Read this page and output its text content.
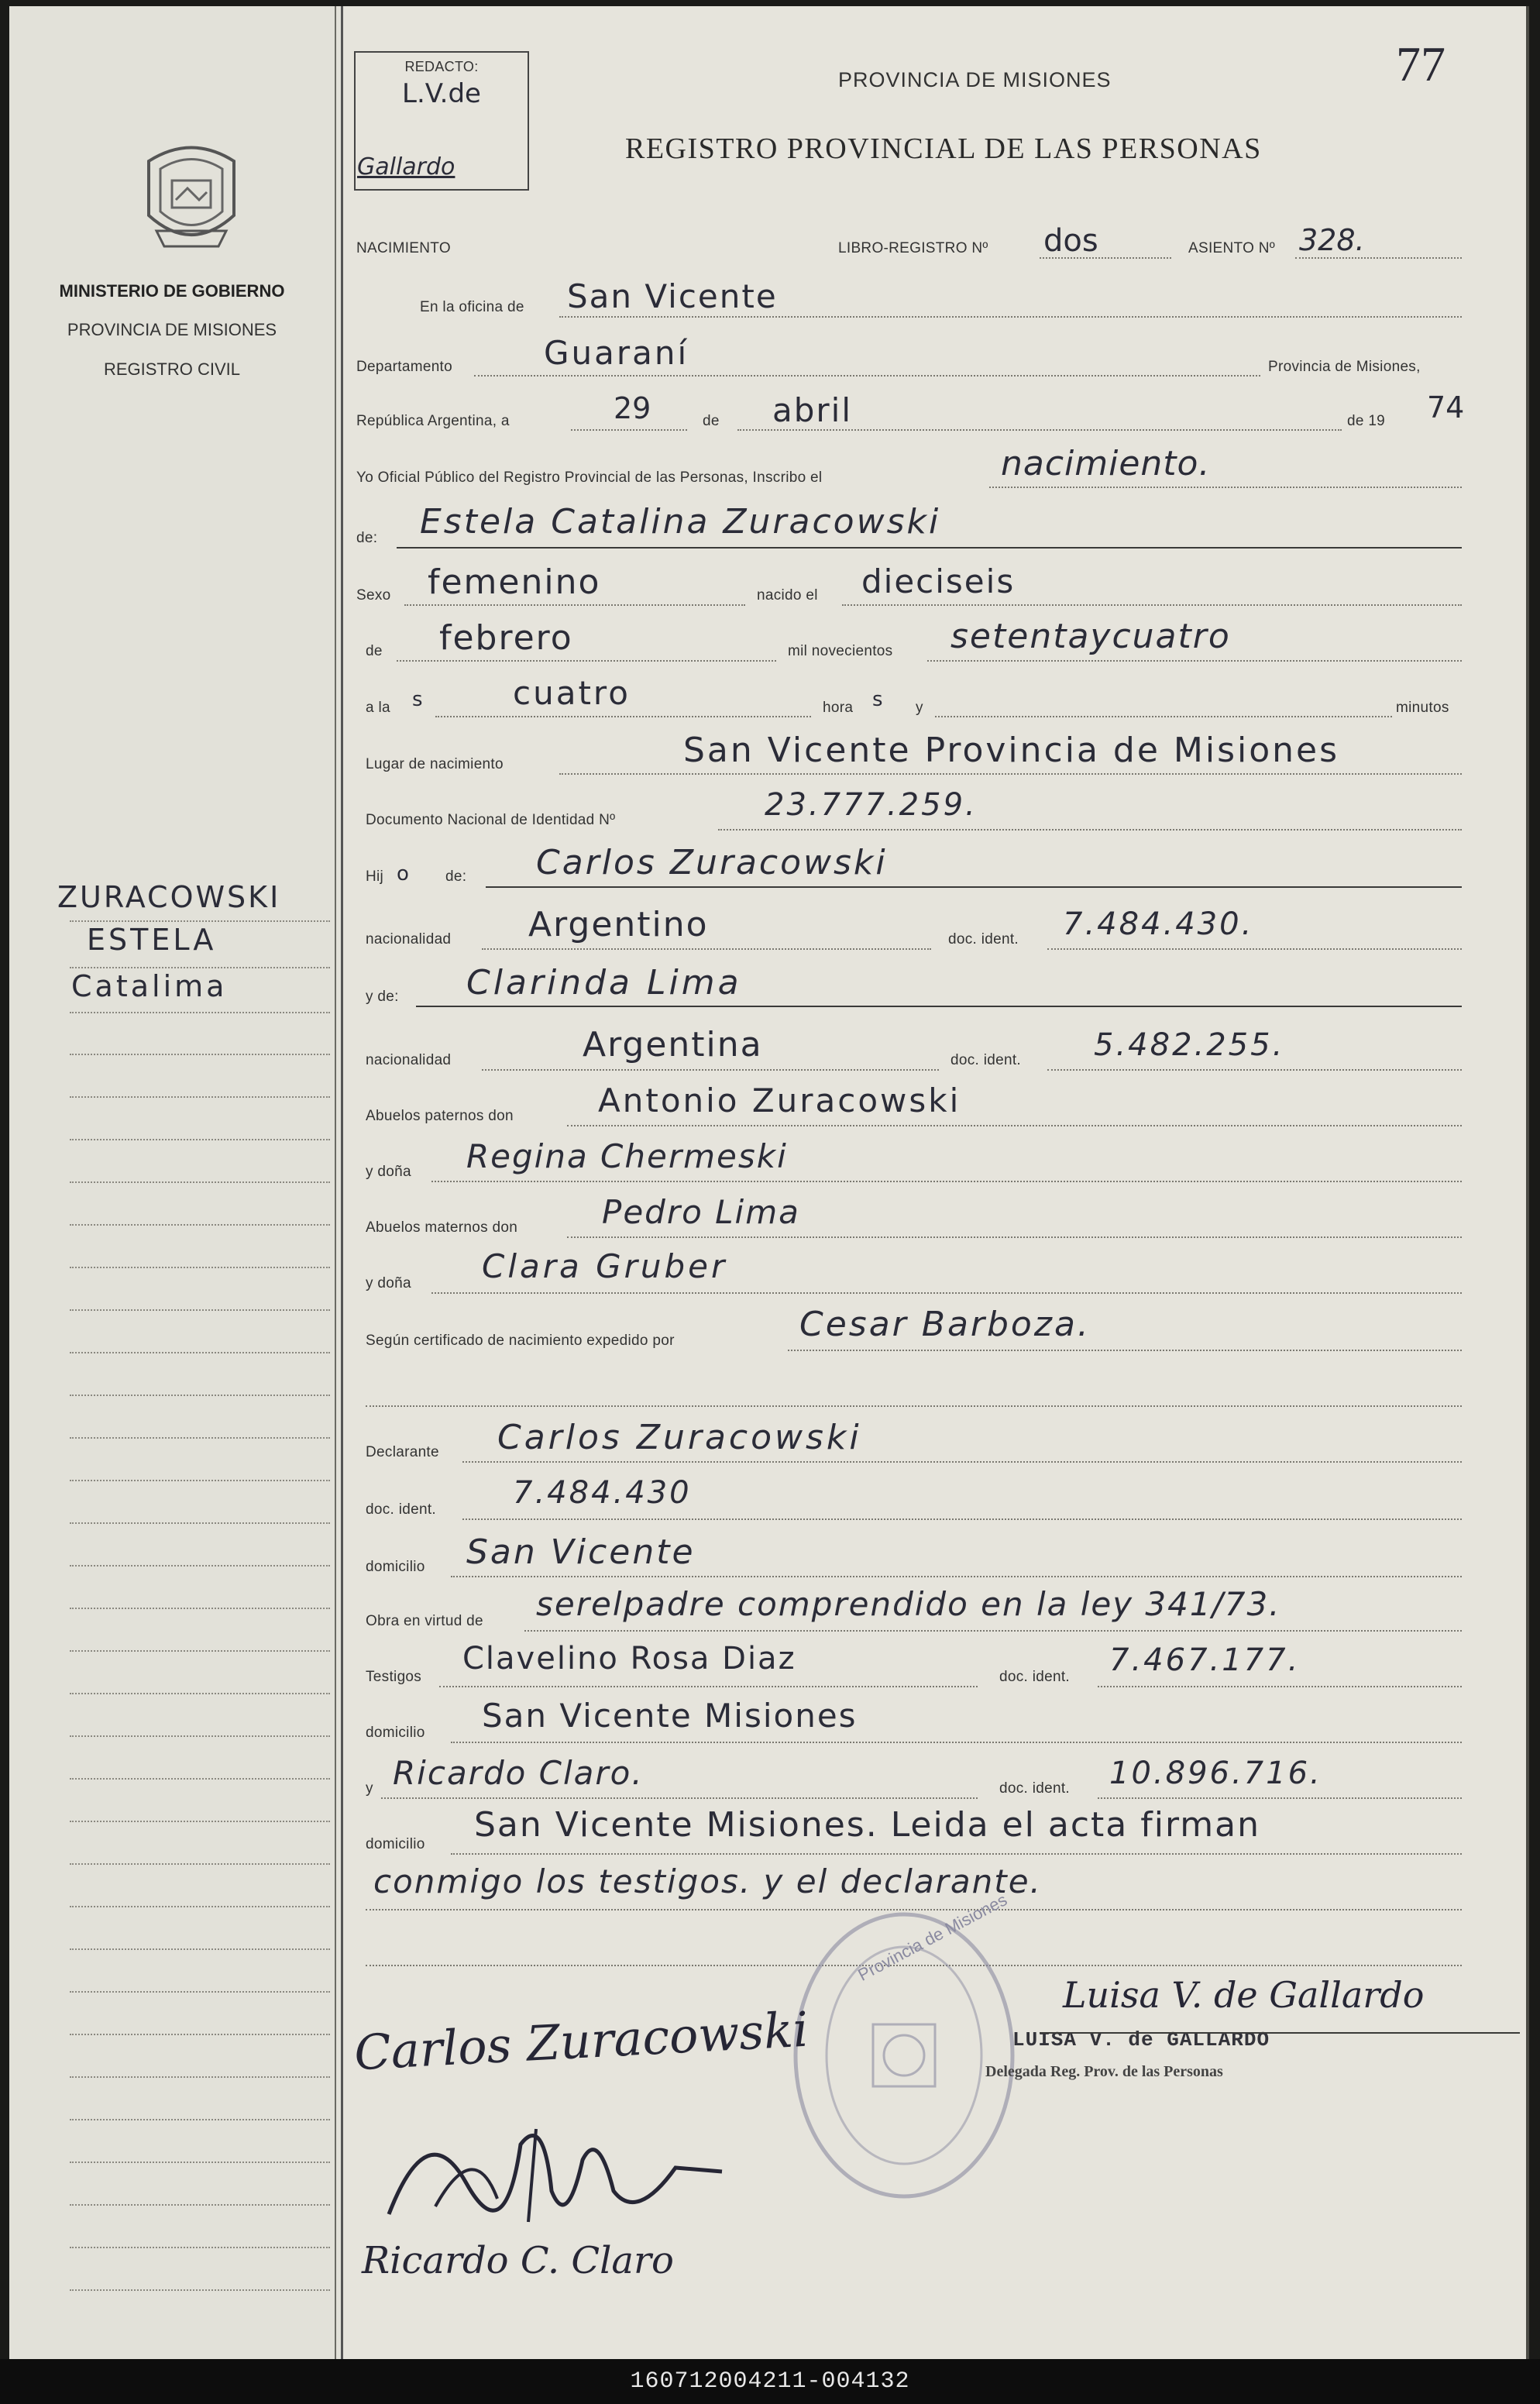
MINISTERIO DE GOBIERNO
PROVINCIA DE MISIONES
REGISTRO CIVIL
ZURACOWSKI
ESTELA
Catalima
REDACTO:
L.V.de
Gallardo
PROVINCIA DE MISIONES
REGISTRO PROVINCIAL DE LAS PERSONAS
77
NACIMIENTO	LIBRO-REGISTRO Nº dos	ASIENTO Nº 328.
En la oficina de San Vicente
Departamento	Guaraní	Provincia de Misiones,
República Argentina, a	29	de abril	de 19 74
Yo Oficial Público del Registro Provincial de las Personas, Inscribo el	nacimiento.
de: Estela Catalina Zuracowski
Sexo femenino	nacido el dieciseis
de febrero	mil novecientos setentaycuatro
a la s	cuatro	hora s y	minutos
Lugar de nacimiento	San Vicente Provincia de Misiones
Documento Nacional de Identidad Nº	23.777.259.
Hij o de: Carlos Zuracowski
nacionalidad Argentino	doc. ident. 7.484.430.
y de: Clarinda Lima
nacionalidad	Argentina	doc. ident. 5.482.255.
Abuelos paternos don	Antonio Zuracowski
y doña Regina Chermeski
Abuelos maternos don	Pedro Lima
y doña Clara Gruber
Según certificado de nacimiento expedido por	Cesar Barboza.
Declarante Carlos Zuracowski
doc. ident. 7.484.430
domicilio San Vicente
Obra en virtud de serelpadre comprendido en la ley 341/73.
Testigos
Clavelino Rosa Diaz
doc. ident. 7.467.177.
domicilio San Vicente Misiones
y Ricardo Claro.	doc. ident. 10.896.716.
domicilio San Vicente Misiones. Leida el acta firman
conmigo los testigos. y el declarante.
Provincia de Misiones
Luisa V. de Gallardo
LUISA V. de GALLARDO
Delegada Reg. Prov. de las Personas
Carlos Zuracowski
Ricardo C. Claro
160712004211-004132
